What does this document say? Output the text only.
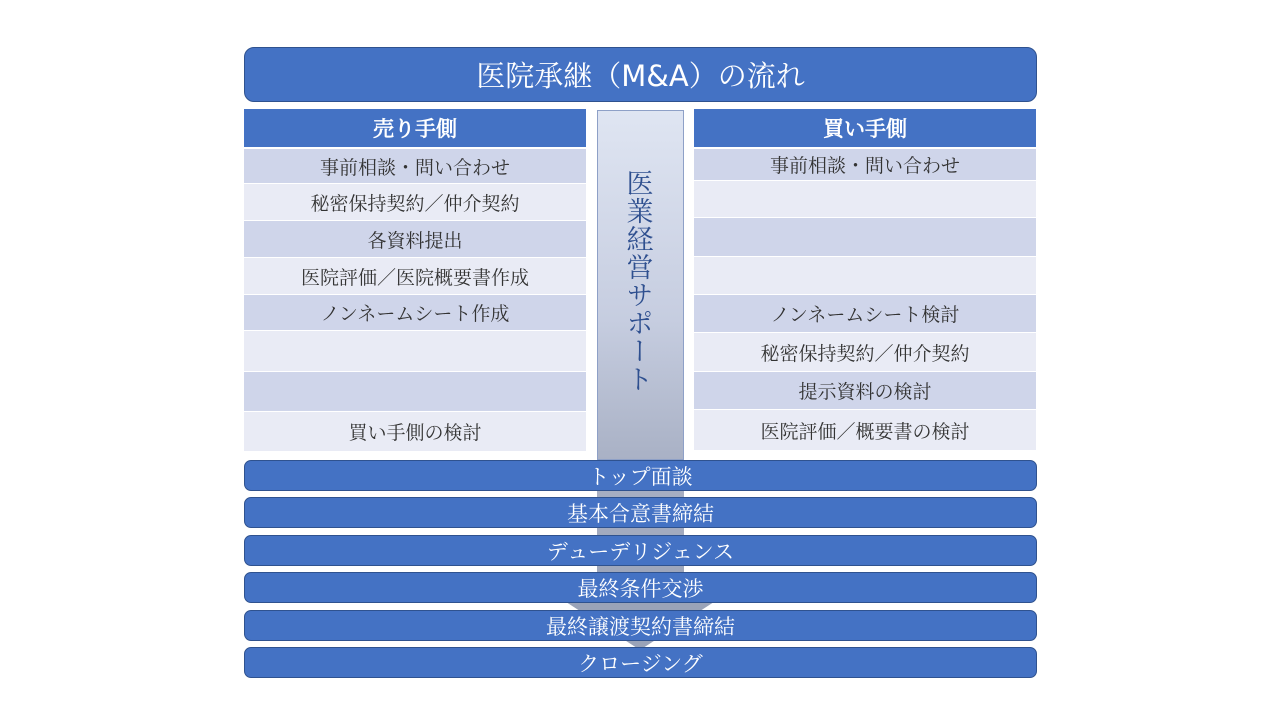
医院承継（M&A）の流れ
売り手側	買い手側
事前相談・問い合わせ
秘密保持契約／仲介契約
各資料提出
医院評価／医院概要書作成
ノンネームシート作成
買い手側の検討
事前相談・問い合わせ
ノンネームシート検討
秘密保持契約／仲介契約
提示資料の検討
医院評価／概要書の検討
医業経営サポート
トップ面談
基本合意書締結
デューデリジェンス
最終条件交渉
最終譲渡契約書締結
クロージング
